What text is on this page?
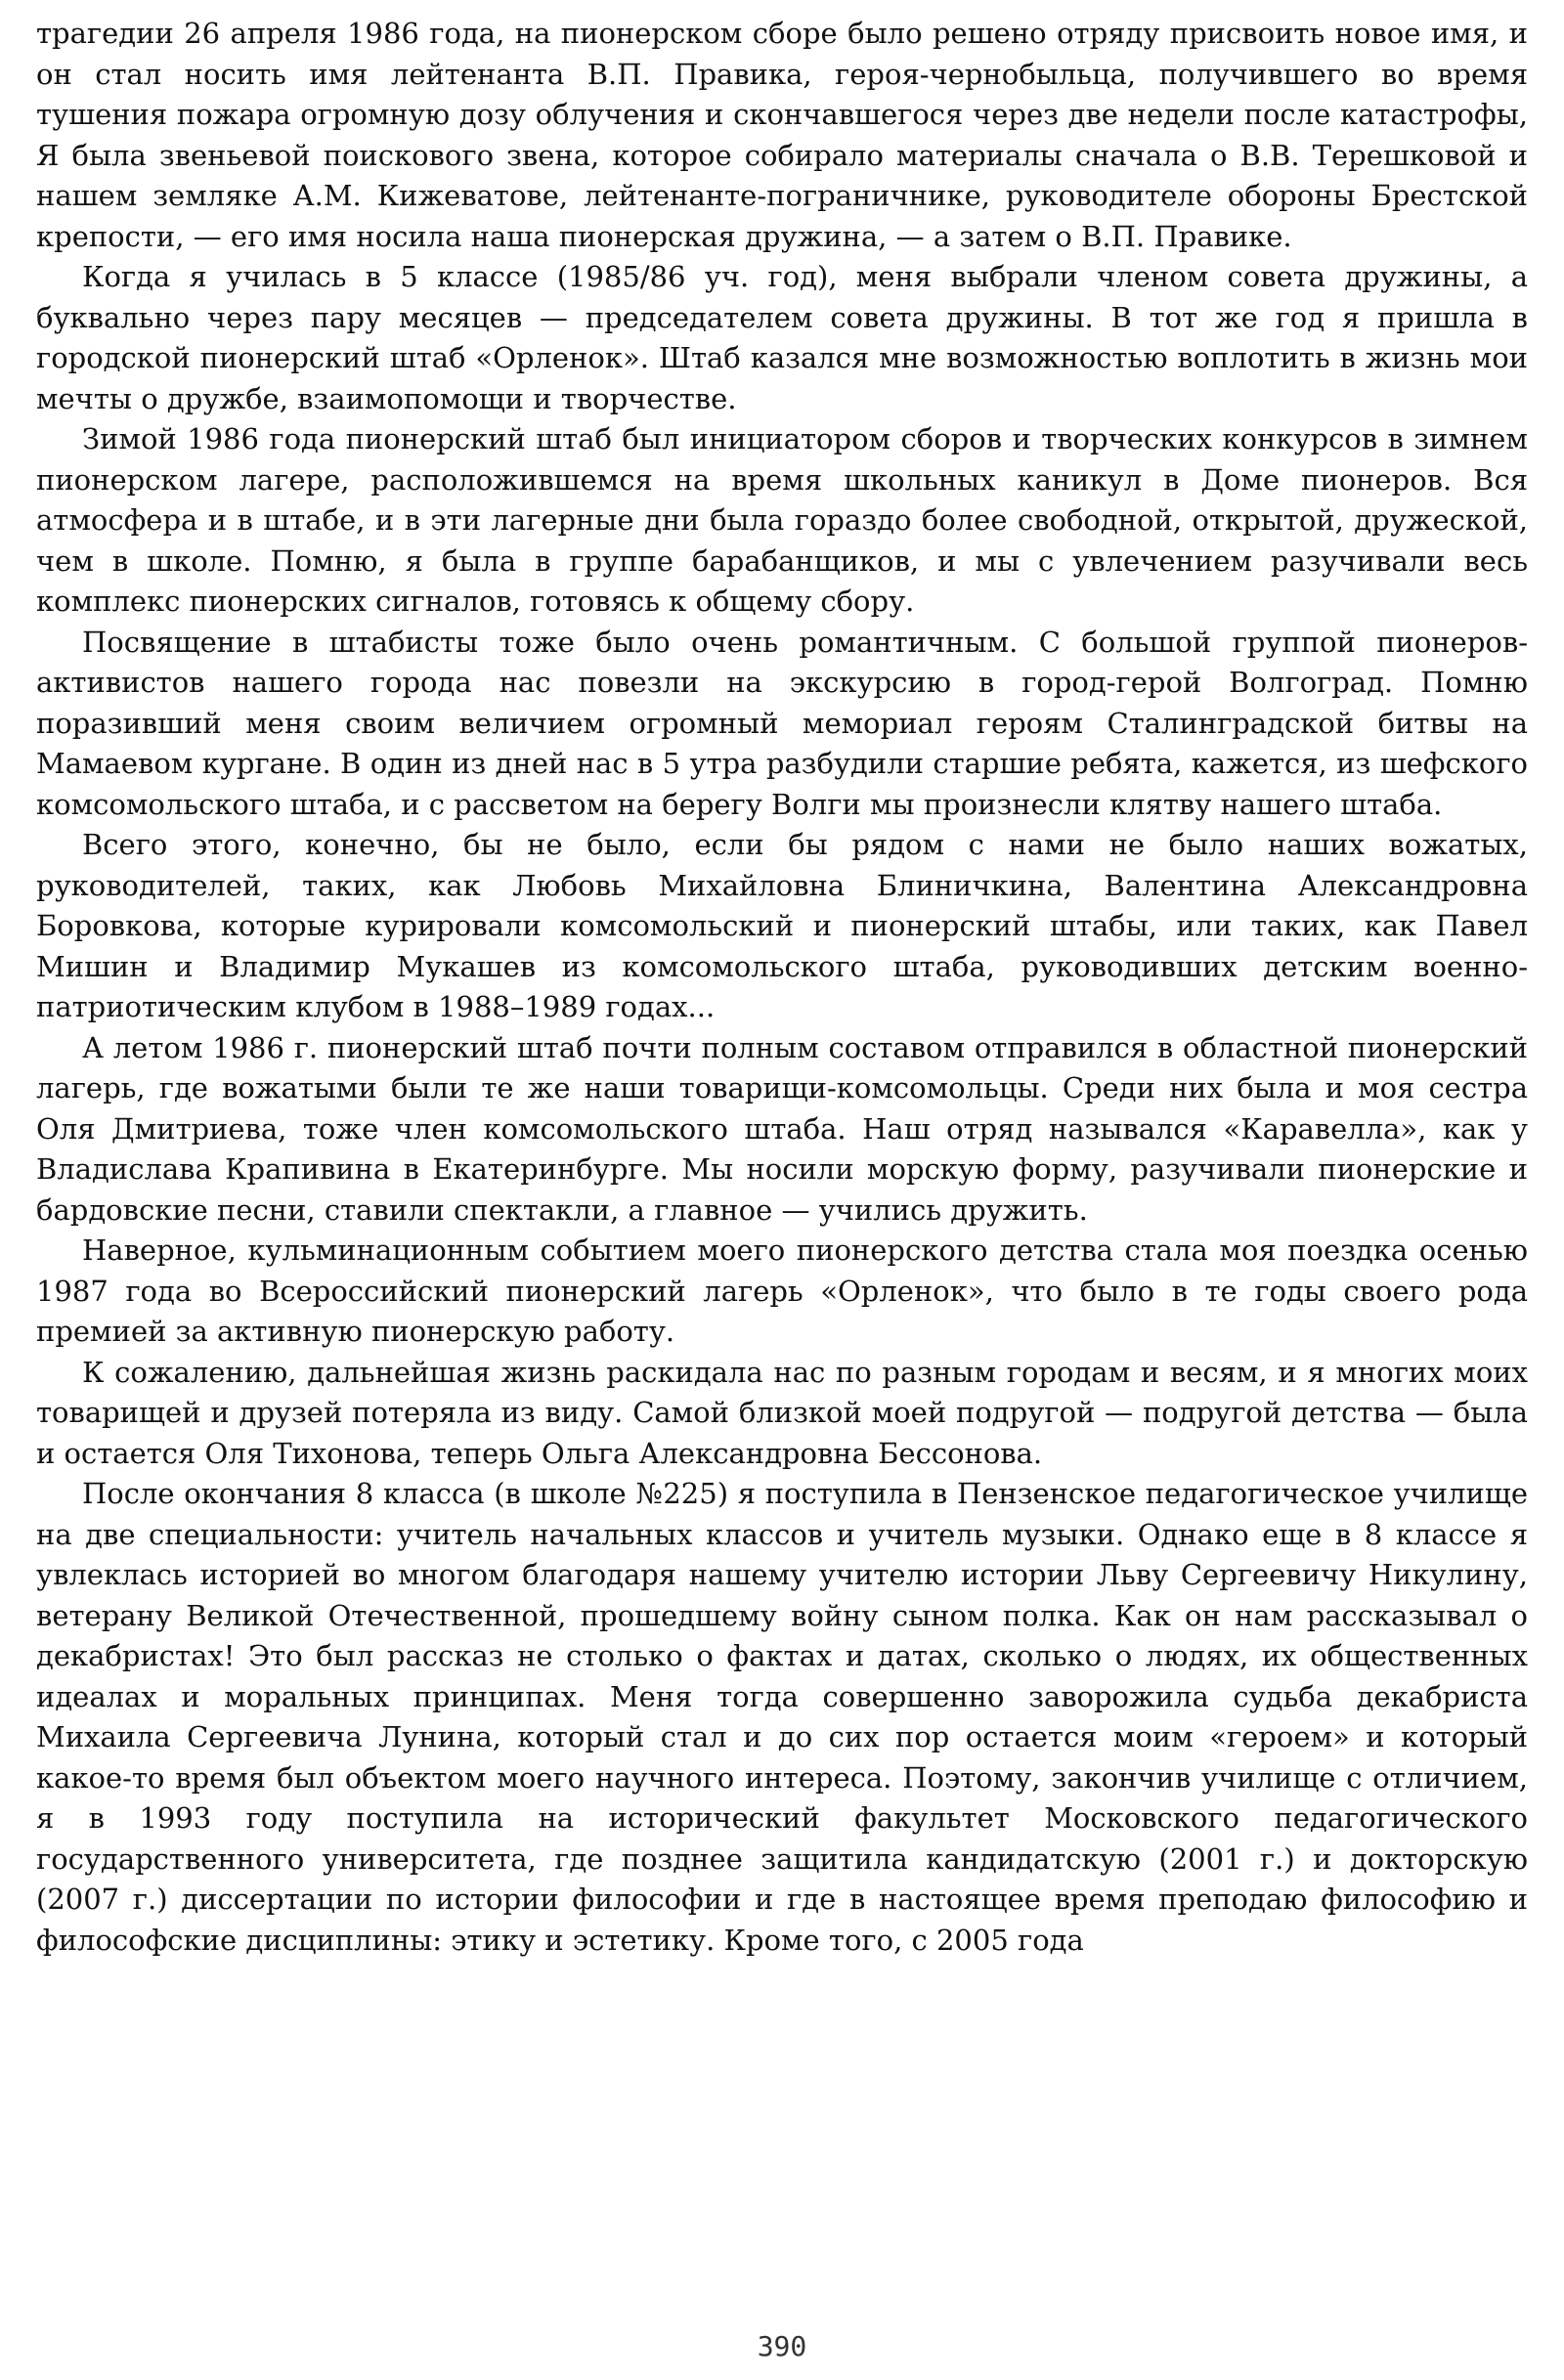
трагедии 26 апреля 1986 года, на пионерском сборе было решено отряду присвоить новое имя, и он стал носить имя лейтенанта В.П. Правика, героя-чернобыльца, получившего во время тушения пожара огромную дозу облучения и скончавшегося через две недели после катастрофы, Я была звеньевой поискового звена, которое собирало материалы сначала о В.В. Терешковой и нашем земляке А.М. Кижеватове, лейтенанте-пограничнике, руководителе обороны Брестской крепости, — его имя носила наша пионерская дружина, — а затем о В.П. Правике.

Когда я училась в 5 классе (1985/86 уч. год), меня выбрали членом совета дружины, а буквально через пару месяцев — председателем совета дружины. В тот же год я пришла в городской пионерский штаб «Орленок». Штаб казался мне возможностью воплотить в жизнь мои мечты о дружбе, взаимопомощи и творчестве.

Зимой 1986 года пионерский штаб был инициатором сборов и творческих конкурсов в зимнем пионерском лагере, расположившемся на время школьных каникул в Доме пионеров. Вся атмосфера и в штабе, и в эти лагерные дни была гораздо более свободной, открытой, дружеской, чем в школе. Помню, я была в группе барабанщиков, и мы с увлечением разучивали весь комплекс пионерских сигналов, готовясь к общему сбору.

Посвящение в штабисты тоже было очень романтичным. С большой группой пионеров-активистов нашего города нас повезли на экскурсию в город-герой Волгоград. Помню поразивший меня своим величием огромный мемориал героям Сталинградской битвы на Мамаевом кургане. В один из дней нас в 5 утра разбудили старшие ребята, кажется, из шефского комсомольского штаба, и с рассветом на берегу Волги мы произнесли клятву нашего штаба.

Всего этого, конечно, бы не было, если бы рядом с нами не было наших вожатых, руководителей, таких, как Любовь Михайловна Блиничкина, Валентина Александровна Боровкова, которые курировали комсомольский и пионерский штабы, или таких, как Павел Мишин и Владимир Мукашев из комсомольского штаба, руководивших детским военно-патриотическим клубом в 1988–1989 годах...

А летом 1986 г. пионерский штаб почти полным составом отправился в областной пионерский лагерь, где вожатыми были те же наши товарищи-комсомольцы. Среди них была и моя сестра Оля Дмитриева, тоже член комсомольского штаба. Наш отряд назывался «Каравелла», как у Владислава Крапивина в Екатеринбурге. Мы носили морскую форму, разучивали пионерские и бардовские песни, ставили спектакли, а главное — учились дружить.

Наверное, кульминационным событием моего пионерского детства стала моя поездка осенью 1987 года во Всероссийский пионерский лагерь «Орленок», что было в те годы своего рода премией за активную пионерскую работу.

К сожалению, дальнейшая жизнь раскидала нас по разным городам и весям, и я многих моих товарищей и друзей потеряла из виду. Самой близкой моей подругой — подругой детства — была и остается Оля Тихонова, теперь Ольга Александровна Бессонова.

После окончания 8 класса (в школе №225) я поступила в Пензенское педагогическое училище на две специальности: учитель начальных классов и учитель музыки. Однако еще в 8 классе я увлеклась историей во многом благодаря нашему учителю истории Льву Сергеевичу Никулину, ветерану Великой Отечественной, прошедшему войну сыном полка. Как он нам рассказывал о декабристах! Это был рассказ не столько о фактах и датах, сколько о людях, их общественных идеалах и моральных принципах. Меня тогда совершенно заворожила судьба декабриста Михаила Сергеевича Лунина, который стал и до сих пор остается моим «героем» и который какое-то время был объектом моего научного интереса. Поэтому, закончив училище с отличием, я в 1993 году поступила на исторический факультет Московского педагогического государственного университета, где позднее защитила кандидатскую (2001 г.) и докторскую (2007 г.) диссертации по истории философии и где в настоящее время преподаю философию и философские дисциплины: этику и эстетику. Кроме того, с 2005 года

390
